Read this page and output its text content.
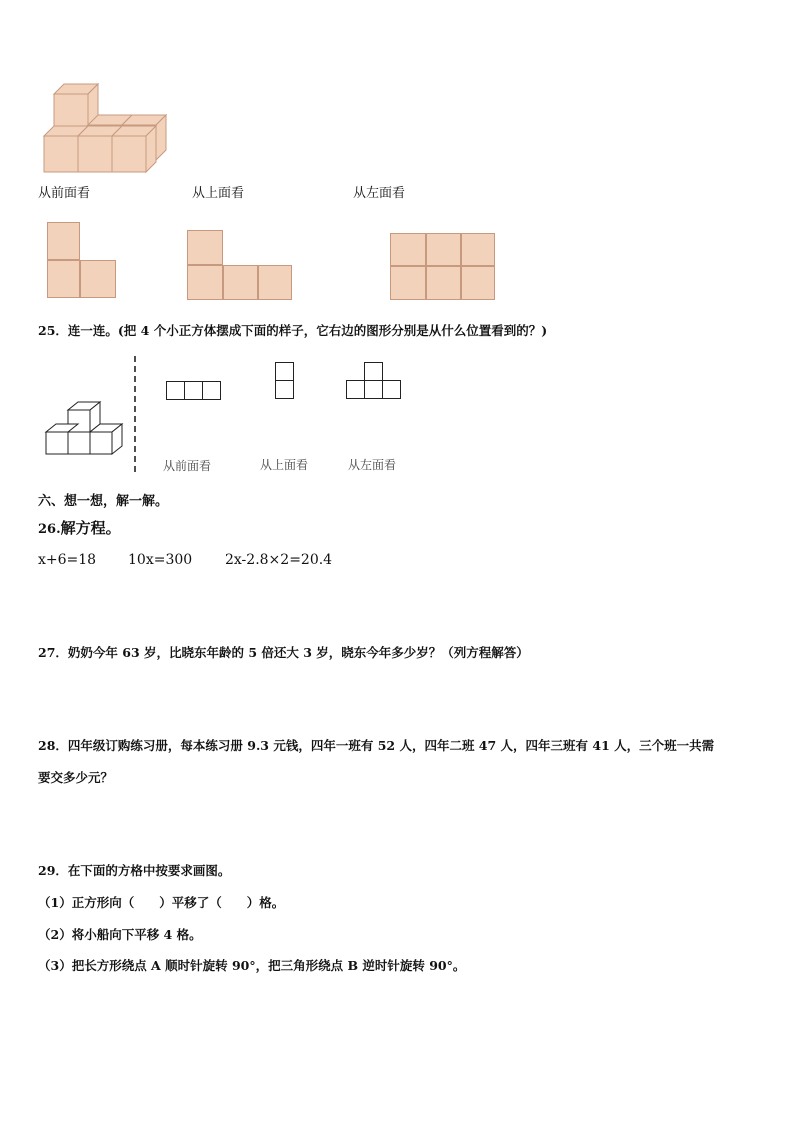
从前面看	从上面看	从左面看
25．连一连。(把 4 个小正方体摆成下面的样子，它右边的图形分别是从什么位置看到的？)
从前面看	从上面看	从左面看
六、想一想，解一解。
26.解方程。
x+6=18 10x=300 2x-2.8×2=20.4
27．奶奶今年 63 岁，比晓东年龄的 5 倍还大 3 岁，晓东今年多少岁？（列方程解答）
28．四年级订购练习册，每本练习册 9.3 元钱，四年一班有 52 人，四年二班 47 人，四年三班有 41 人，三个班一共需
要交多少元？
29．在下面的方格中按要求画图。
（1）正方形向（　　）平移了（　　）格。
（2）将小船向下平移 4 格。
（3）把长方形绕点 A 顺时针旋转 90°，把三角形绕点 B 逆时针旋转 90°。
